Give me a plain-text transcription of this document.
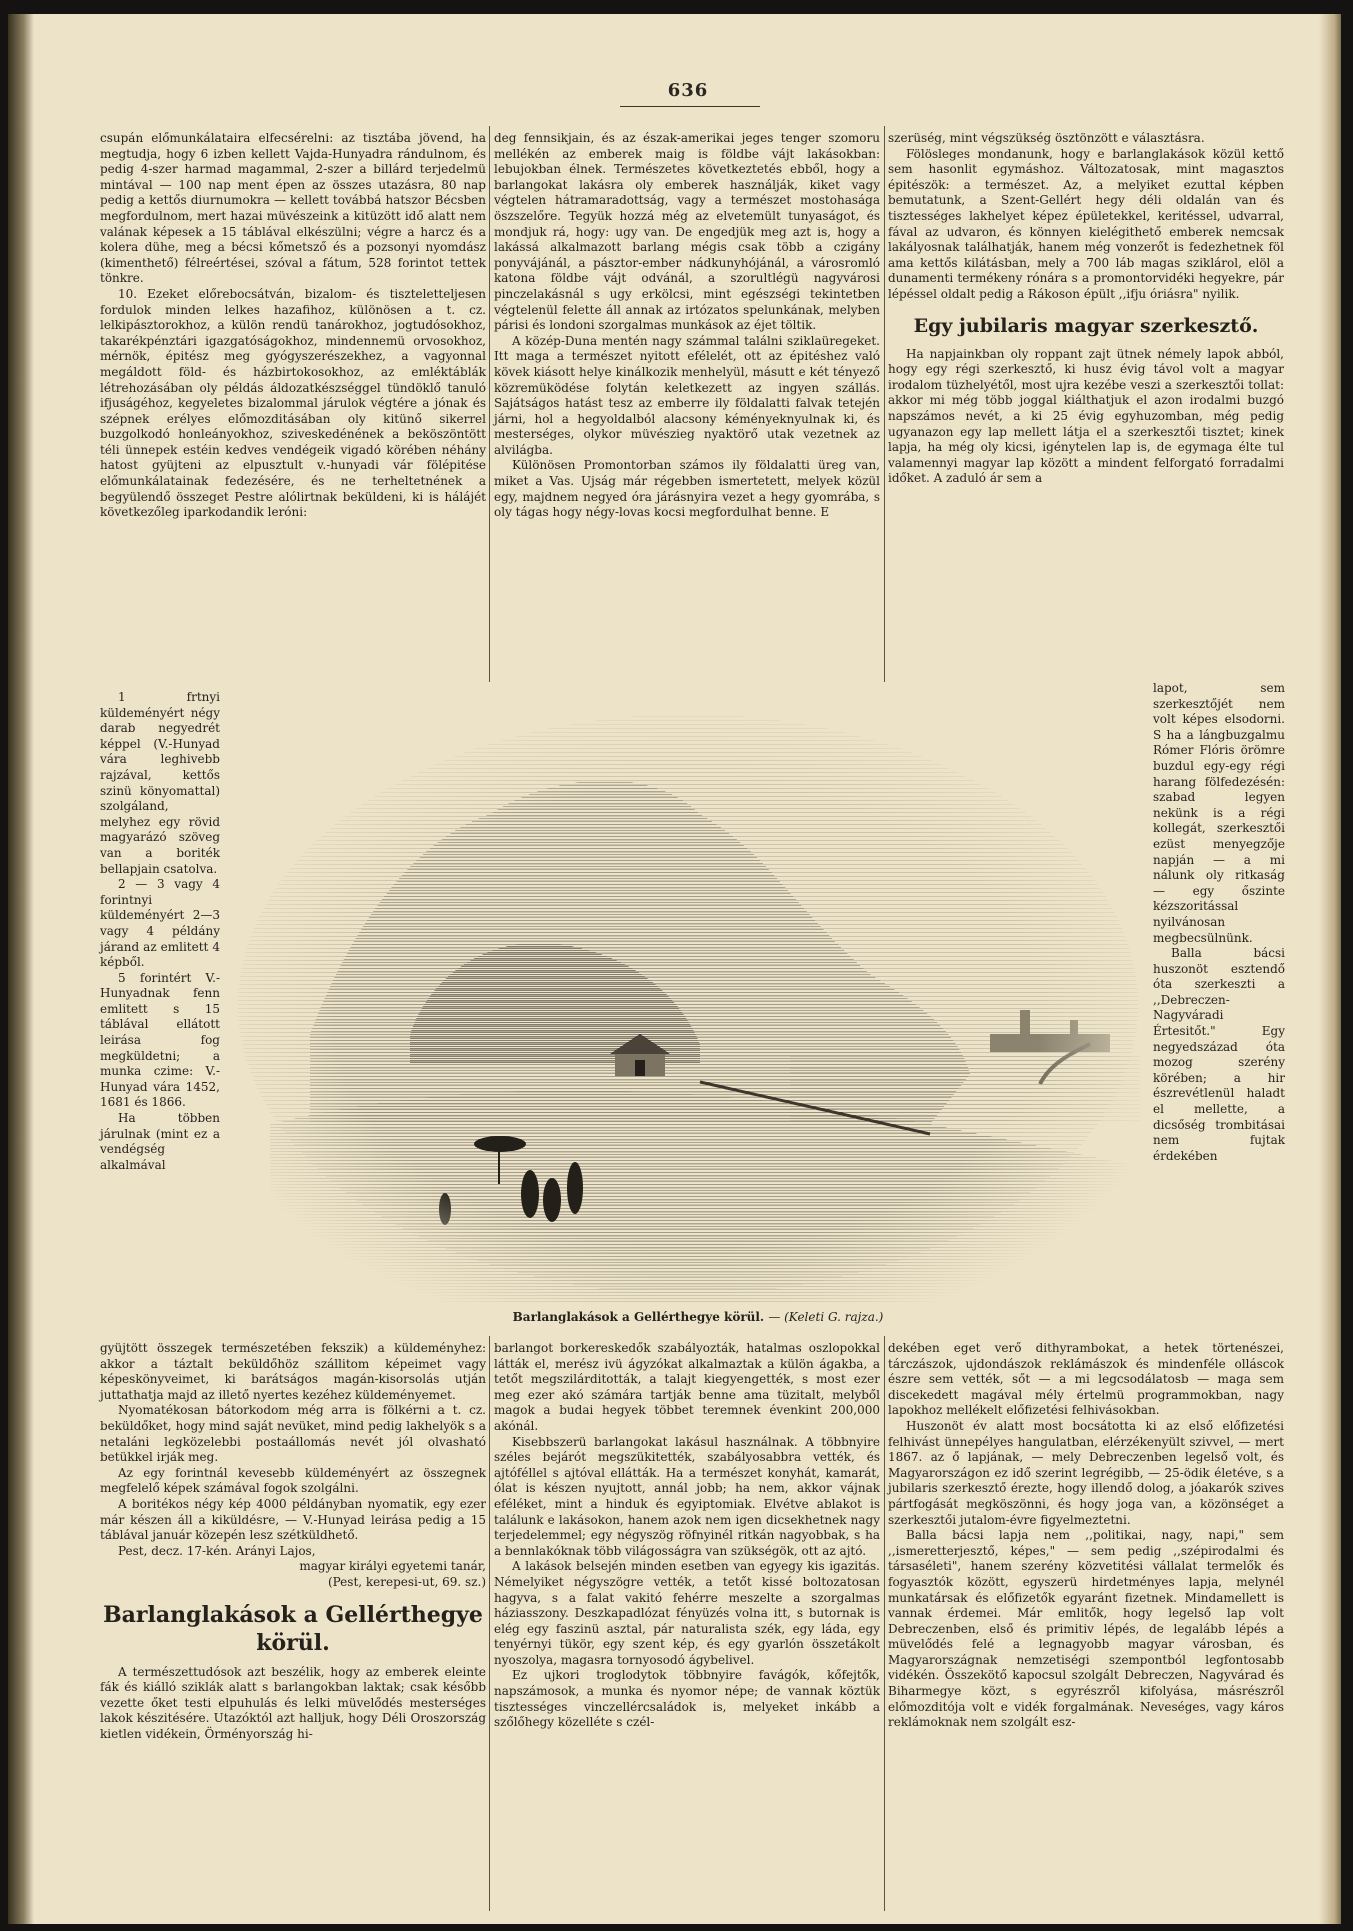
636

csupán előmunkálataira elfecsérelni: az tisztába jövend, ha megtudja, hogy 6 izben kellett Vajda-Hunyadra rándulnom, és pedig 4-szer harmad magammal, 2-szer a billárd terjedelmü mintával — 100 nap ment épen az összes utazásra, 80 nap pedig a kettős diurnumokra — kellett továbbá hatszor Bécsben megfordulnom, mert hazai müvészeink a kitüzött idő alatt nem valának képesek a 15 táblával elkészülni; végre a harcz és a kolera dühe, meg a bécsi kőmetsző és a pozsonyi nyomdász (kimenthető) félreértései, szóval a fátum, 528 forintot tettek tönkre.

10. Ezeket előrebocsátván, bizalom- és tiszteletteljesen fordulok minden lelkes hazafihoz, különösen a t. cz. lelkipásztorokhoz, a külön rendü tanárokhoz, jogtudósokhoz, takarékpénztári igazgatóságokhoz, mindennemü orvosokhoz, mérnök, épitész meg gyógyszerészekhez, a vagyonnal megáldott föld- és házbirtokosokhoz, az emléktáblák létrehozásában oly példás áldozatkészséggel tündöklő tanuló ifjuságéhoz, kegyeletes bizalommal járulok végtére a jónak és szépnek erélyes előmozditásában oly kitünő sikerrel buzgolkodó honleányokhoz, sziveskedénének a beköszöntött téli ünnepek estéin kedves vendégeik vigadó körében néhány hatost gyüjteni az elpusztult v.-hunyadi vár fölépitése előmunkálatainak fedezésére, és ne terheltetnének a begyülendő összeget Pestre alólirtnak beküldeni, ki is hálájét következőleg iparkodandik leróni:

1 frtnyi küldeményért négy darab negyedrét képpel (V.-Hunyad vára leghivebb rajzával, kettős szinü könyomattal) szolgáland, melyhez egy rövid magyarázó szöveg van a boriték bellapjain csatolva.

2 — 3 vagy 4 forintnyi küldeményért 2—3 vagy 4 példány járand az emlitett 4 képből.

5 forintért V.-Hunyadnak fenn emlitett s 15 táblával ellátott leirása fog megküldetni; a munka czime: V.-Hunyad vára 1452, 1681 és 1866.

Ha többen járulnak (mint ez a vendégség alkalmával

Barlanglakások a Gellérthegye körül. — (Keleti G. rajza.)

gyüjtött összegek természetében fekszik) a küldeményhez: akkor a táztalt beküldőhöz szállitom képeimet vagy képeskönyveimet, ki barátságos magán-kisorsolás utján juttathatja majd az illető nyertes kezéhez küldeményemet.

Nyomatékosan bátorkodom még arra is fölkérni a t. cz. beküldőket, hogy mind saját nevüket, mind pedig lakhelyök s a netaláni legközelebbi postaállomás nevét jól olvasható betükkel irják meg.

Az egy forintnál kevesebb küldeményért az összegnek megfelelő képek számával fogok szolgálni.

A boritékos négy kép 4000 példányban nyomatik, egy ezer már készen áll a kiküldésre, — V.-Hunyad leirása pedig a 15 táblával január közepén lesz szétküldhető.

Pest, decz. 17-kén. Arányi Lajos,

magyar királyi egyetemi tanár,

(Pest, kerepesi-ut, 69. sz.)

Barlanglakások a Gellérthegye körül.

A természettudósok azt beszélik, hogy az emberek eleinte fák és kiálló sziklák alatt s barlangokban laktak; csak később vezette őket testi elpuhulás és lelki müvelődés mesterséges lakok készitésére. Utazóktól azt halljuk, hogy Déli Oroszország kietlen vidékein, Örményország hi-

deg fennsikjain, és az észak-amerikai jeges tenger szomoru mellékén az emberek maig is földbe vájt lakásokban: lebujokban élnek. Természetes következtetés ebből, hogy a barlangokat lakásra oly emberek használják, kiket vagy végtelen hátramaradottság, vagy a természet mostohasága öszszelőre. Tegyük hozzá még az elvetemült tunyaságot, és mondjuk rá, hogy: ugy van. De engedjük meg azt is, hogy a lakássá alkalmazott barlang mégis csak több a czigány ponyvájánál, a pásztor-ember nádkunyhójánál, a városromló katona földbe vájt odvánál, a szorultlégü nagyvárosi pinczelakásnál s ugy erkölcsi, mint egészségi tekintetben végtelenül felette áll annak az irtózatos spelunkának, melyben párisi és londoni szorgalmas munkások az éjet töltik.

A közép-Duna mentén nagy számmal találni sziklaüregeket. Itt maga a természet nyitott efélelét, ott az épitéshez való kövek kiásott helye kinálkozik menhelyül, másutt e két tényező közremüködése folytán keletkezett az ingyen szállás. Sajátságos hatást tesz az emberre ily földalatti falvak tetején járni, hol a hegyoldalból alacsony kéményeknyulnak ki, és mesterséges, olykor müvészieg nyaktörő utak vezetnek az alvilágba.

Különösen Promontorban számos ily földalatti üreg van, miket a Vas. Ujság már régebben ismertetett, melyek közül egy, majdnem negyed óra járásnyira vezet a hegy gyomrába, s oly tágas hogy négy-lovas kocsi megfordulhat benne. E

barlangot borkereskedők szabályozták, hatalmas oszlopokkal látták el, merész ivü ágyzókat alkalmaztak a külön ágakba, a tetőt megszilárditották, a talajt kiegyengették, s most ezer meg ezer akó számára tartják benne ama tüzitalt, melyből magok a budai hegyek többet teremnek évenkint 200,000 akónál.

Kisebbszerü barlangokat lakásul használnak. A többnyire széles bejárót megszükitették, szabályosabbra vették, és ajtóféllel s ajtóval ellátták. Ha a természet konyhát, kamarát, ólat is készen nyujtott, annál jobb; ha nem, akkor vájnak eféléket, mint a hinduk és egyiptomiak. Elvétve ablakot is találunk e lakásokon, hanem azok nem igen dicsekhetnek nagy terjedelemmel; egy négyszög röfnyinél ritkán nagyobbak, s ha a bennlakóknak több világosságra van szükségök, ott az ajtó.

A lakások belsején minden esetben van egyegy kis igazitás. Némelyiket négyszögre vették, a tetőt kissé boltozatosan hagyva, s a falat vakitó fehérre meszelte a szorgalmas háziasszony. Deszkapadlózat fényüzés volna itt, s butornak is elég egy faszinü asztal, pár naturalista szék, egy láda, egy tenyérnyi tükör, egy szent kép, és egy gyarlón összetákolt nyoszolya, magasra tornyosodó ágybelivel.

Ez ujkori troglodytok többnyire favágók, kőfejtők, napszámosok, a munka és nyomor népe; de vannak köztük tisztességes vinczellércsaládok is, melyeket inkább a szőlőhegy közelléte s czél-

szerüség, mint végszükség ösztönzött e választásra.

Fölösleges mondanunk, hogy e barlanglakások közül kettő sem hasonlit egymáshoz. Változatosak, mint magasztos épitészök: a természet. Az, a melyiket ezuttal képben bemutatunk, a Szent-Gellért hegy déli oldalán van és tisztességes lakhelyet képez épületekkel, keritéssel, udvarral, fával az udvaron, és könnyen kielégithető emberek nemcsak lakályosnak találhatják, hanem még vonzerőt is fedezhetnek föl ama kettős kilátásban, mely a 700 láb magas sziklárol, elöl a dunamenti termékeny rónára s a promontorvidéki hegyekre, pár lépéssel oldalt pedig a Rákoson épült ,,ifju óriásra" nyilik.

Egy jubilaris magyar szerkesztő.

Ha napjainkban oly roppant zajt ütnek némely lapok abból, hogy egy régi szerkesztő, ki husz évig távol volt a magyar irodalom tüzhelyétől, most ujra kezébe veszi a szerkesztői tollat: akkor mi még több joggal kiálthatjuk el azon irodalmi buzgó napszámos nevét, a ki 25 évig egyhuzomban, még pedig ugyanazon egy lap mellett látja el a szerkesztői tisztet; kinek lapja, ha még oly kicsi, igénytelen lap is, de egymaga élte tul valamennyi magyar lap között a mindent felforgató forradalmi időket. A zaduló ár sem a

lapot, sem szerkesztőjét nem volt képes elsodorni. S ha a lángbuzgalmu Rómer Flóris örömre buzdul egy-egy régi harang fölfedezésén: szabad legyen nekünk is a régi kollegát, szerkesztői ezüst menyegzője napján — a mi nálunk oly ritkaság — egy őszinte kézszoritással nyilvánosan megbecsülnünk.

Balla bácsi huszonöt esztendő óta szerkeszti a ,,Debreczen-Nagyváradi Értesitőt." Egy negyedszázad óta mozog szerény körében; a hir észrevétlenül haladt el mellette, a dicsőség trombitásai nem fujtak érdekében

dekében eget verő dithyrambokat, a hetek törtenészei, tárczászok, ujdondászok reklámászok és mindenféle olláscok észre sem vették, sőt — a mi legcsodálatosb — maga sem discekedett magával mély értelmü programmokban, nagy lapokhoz mellékelt előfizetési felhivásokban.

Huszonöt év alatt most bocsátotta ki az első előfizetési felhivást ünnepélyes hangulatban, elérzékenyült szivvel, — mert 1867. az ő lapjának, — mely Debreczenben legelső volt, és Magyarországon ez idő szerint legrégibb, — 25-ödik életéve, s a jubilaris szerkesztő érezte, hogy illendő dolog, a jóakarók szives pártfogását megköszönni, és hogy joga van, a közönséget a szerkesztői jutalom-évre figyelmeztetni.

Balla bácsi lapja nem ,,politikai, nagy, napi," sem ,,ismeretterjesztő, képes," — sem pedig ,,szépirodalmi és társaséleti", hanem szerény közvetitési vállalat termelők és fogyasztók között, egyszerü hirdetményes lapja, melynél munkatársak és előfizetők egyaránt fizetnek. Mindamellett is vannak érdemei. Már emlitők, hogy legelső lap volt Debreczenben, első és primitiv lépés, de legalább lépés a müvelődés felé a legnagyobb magyar városban, és Magyarországnak nemzetiségi szempontból legfontosabb vidékén. Összekötő kapocsul szolgált Debreczen, Nagyvárad és Biharmegye közt, s egyrészről kifolyása, másrészről előmozditója volt e vidék forgalmának. Neveséges, vagy káros reklámoknak nem szolgált esz-
